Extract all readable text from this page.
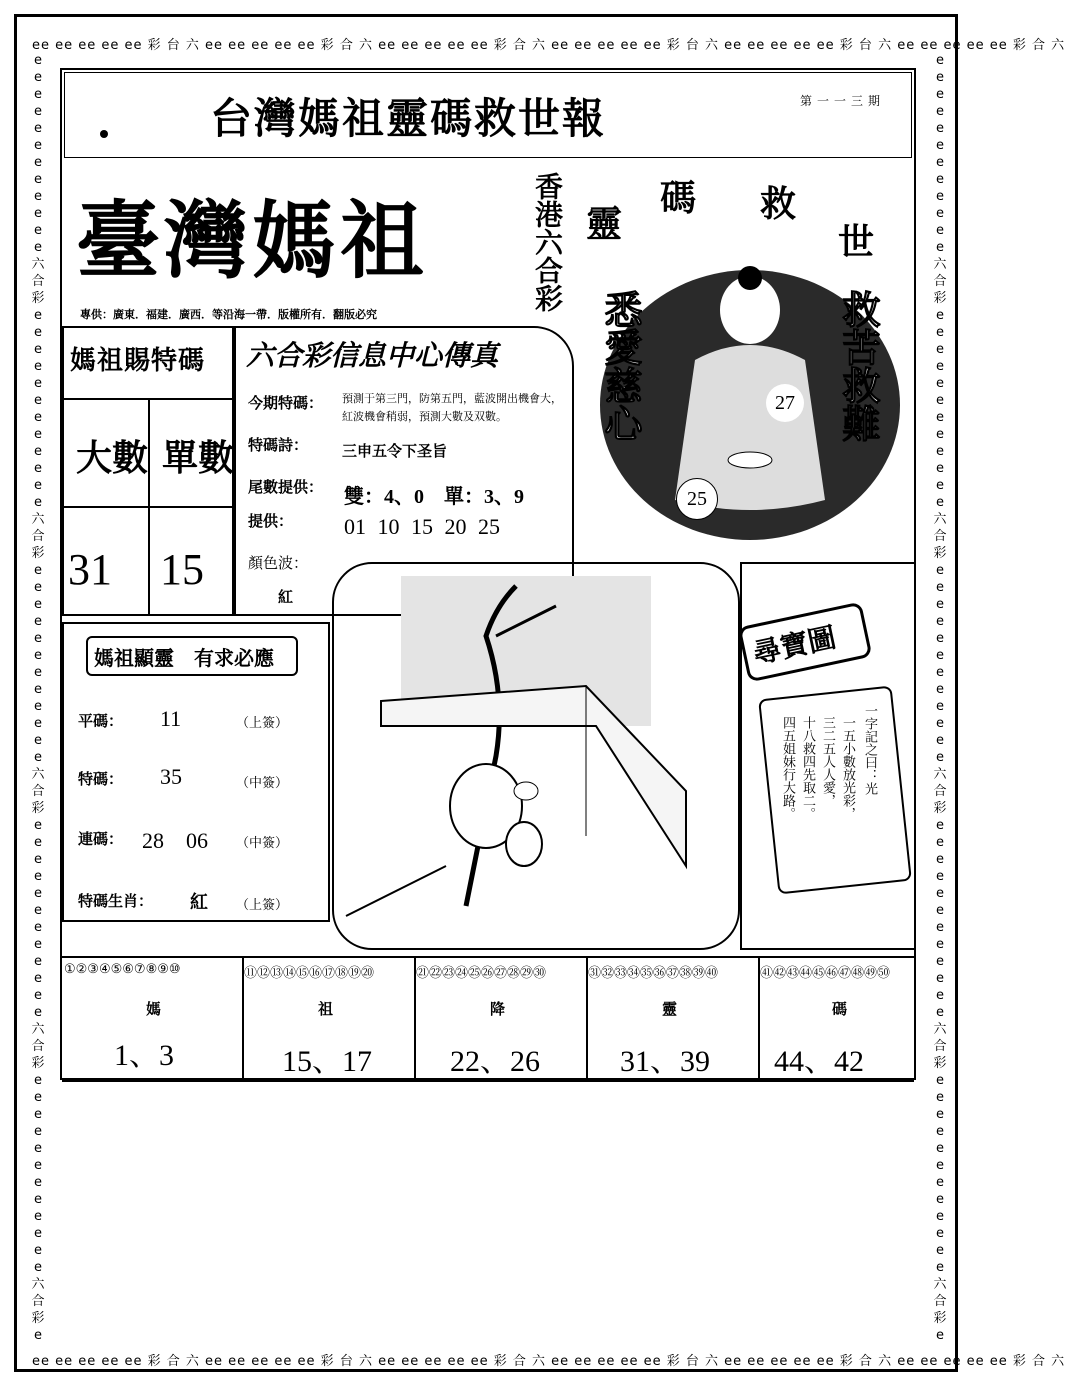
ее ее ее ее ее 彩 台 六 ee ee ee ee ee 彩 合 六 ee ee ee ee ee 彩 合 六 ee ee ee ee ee 彩 台 六 ee ee ee ee ee 彩 台 六 ee ee ee ee ee 彩 合 六
ee ee ee ee ee 彩 合 六 ee ee ee ee ee 彩 台 六 ee ee ee ee ee 彩 合 六 ee ee ee ee ee 彩 台 六 ee ee ee ee ee 彩 合 六 ee ee ee ee ee 彩 合 六
e
e
e
e
e
e
e
e
e
e
e
e
六
合
彩
e
e
e
e
e
e
e
e
e
e
e
e
六
合
彩
e
e
e
e
e
e
e
e
e
e
e
e
六
合
彩
e
e
e
e
e
e
e
e
e
e
e
e
六
合
彩
e
e
e
e
e
e
e
e
e
e
e
e
六
合
彩
e
e
e
e
e
e
e
e
e
e
e
e
e
六
合
彩
e
e
e
e
e
e
e
e
e
e
e
e
六
合
彩
e
e
e
e
e
e
e
e
e
e
e
e
六
合
彩
e
e
e
e
e
e
e
e
e
e
e
e
六
合
彩
e
e
e
e
e
e
e
e
e
e
e
e
六
合
彩
e
台灣媽祖靈碼救世報	第一一三期
臺灣媽祖	香港六合彩
專供：廣東．福建．廣西．等沿海一帶．版權所有．翻版必究
靈
碼 救
世
悉愛慈心	救苦救難
27
25
媽祖賜特碼
大數 單數
31 15
六合彩信息中心傳真
今期特碼： 預測于第三門，防第五門，藍波開出機會大，紅波機會稍弱，預測大數及双數。
特碼詩： 三申五令下圣旨
尾數提供： 雙：4、0　單：3、9
提供： 01 10 15 20 25
顏色波：
紅
媽祖顯靈　有求必應
平碼： 11	（上簽）
特碼： 35	（中簽）
連碼： 28　06 （中簽）
特碼生肖： 紅 （上簽）
尋寶圖
一字記之曰：光
一五小數放光彩，
三二五人人愛，
十八救四先取二。
四五姐妹行大路。
①②③④⑤⑥⑦⑧⑨⑩	⑪⑫⑬⑭⑮⑯⑰⑱⑲⑳	㉑㉒㉓㉔㉕㉖㉗㉘㉙㉚	㉛㉜㉝㉞㉟㊱㊲㊳㊴㊵	㊶㊷㊸㊹㊺㊻㊼㊽㊾㊿
媽	祖	降	靈	碼
1、3	15、17	22、26	31、39 44、42
